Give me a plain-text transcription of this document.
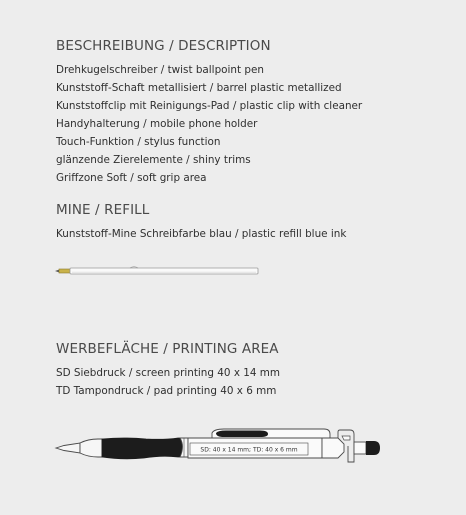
BESCHREIBUNG / DESCRIPTION
Drehkugelschreiber / twist ballpoint pen
Kunststoff-Schaft metallisiert / barrel plastic metallized
Kunststoffclip mit Reinigungs-Pad / plastic clip with cleaner
Handyhalterung / mobile phone holder
Touch-Funktion / stylus function
glänzende Zierelemente / shiny trims
Griffzone Soft / soft grip area
MINE / REFILL
Kunststoff-Mine Schreibfarbe blau / plastic refill blue ink
WERBEFLÄCHE / PRINTING AREA
SD Siebdruck / screen printing 40 x 14 mm
TD Tampondruck / pad printing 40 x 6 mm
SD: 40 x 14 mm; TD: 40 x 6 mm
